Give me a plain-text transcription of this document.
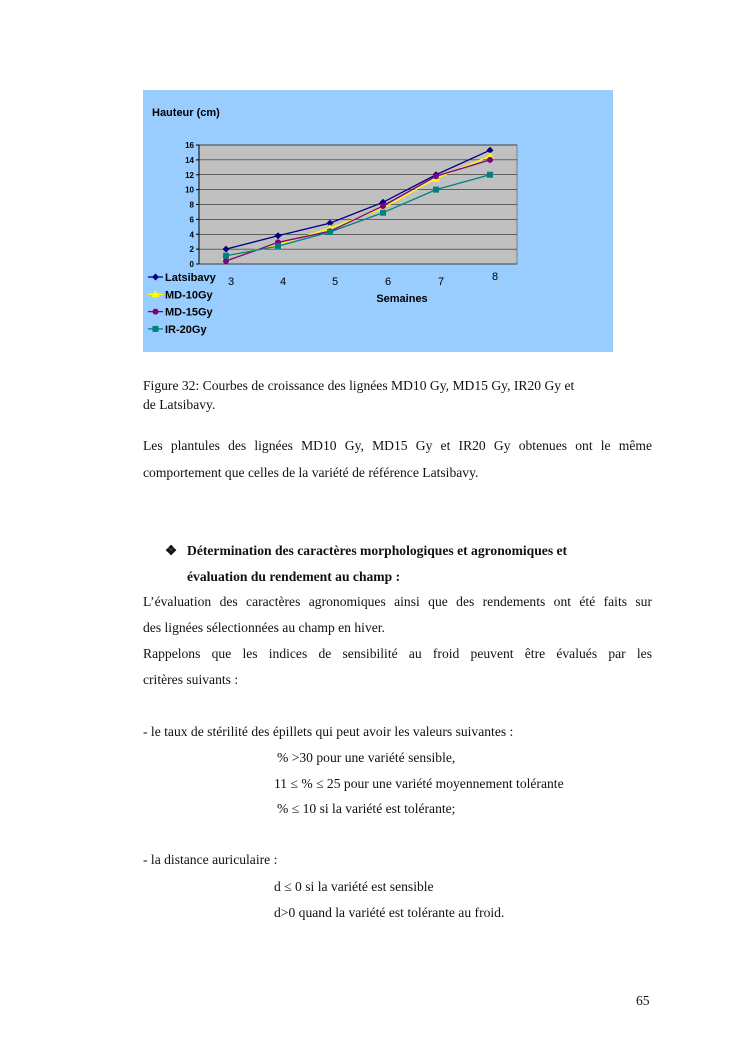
Hauteur (cm)
0
2
4
6
8
10
12
14
16
3	4	5	6	7	8
Semaines
Latsibavy
MD-10Gy
MD-15Gy
IR-20Gy
Figure 32: Courbes de croissance des lignées MD10 Gy, MD15 Gy, IR20 Gy et
de Latsibavy.
Les plantules des lignées MD10 Gy, MD15 Gy et IR20 Gy obtenues ont le même
comportement que celles de la variété de référence Latsibavy.
❖ Détermination des caractères morphologiques et agronomiques et
évaluation du rendement au champ :
L’évaluation des caractères agronomiques ainsi que des rendements ont été faits sur
des lignées sélectionnées au champ en hiver.
Rappelons que les indices de sensibilité au froid peuvent être évalués par les
critères suivants :
- le taux de stérilité des épillets qui peut avoir les valeurs suivantes :
% >30 pour une variété sensible,
11 ≤ % ≤ 25 pour une variété moyennement tolérante
% ≤ 10 si la variété est tolérante;
- la distance auriculaire :
d ≤ 0 si la variété est sensible
d>0 quand la variété est tolérante au froid.
65
